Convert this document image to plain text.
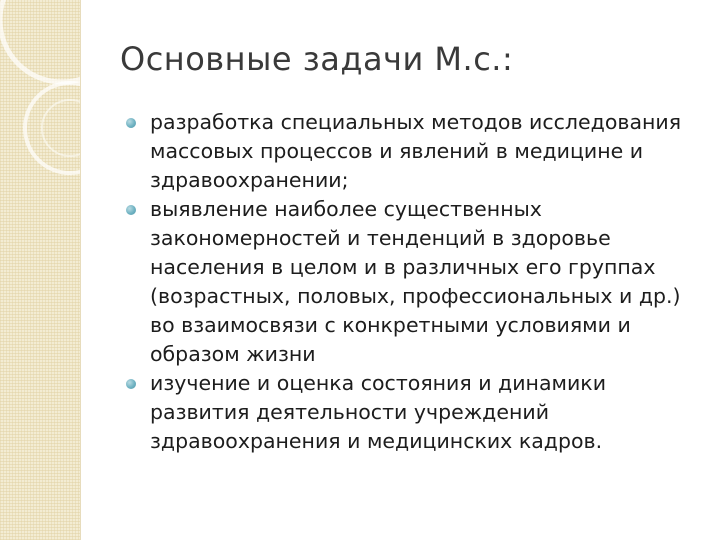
Основные задачи М.с.:
разработка специальных методов исследования массовых процессов и явлений в медицине и здравоохранении;
выявление наиболее существенных закономерностей и тенденций в здоровье населения в целом и в различных его группах (возрастных, половых, профессиональных и др.) во взаимосвязи с конкретными условиями и образом жизни
изучение и оценка состояния и динамики развития деятельности учреждений здравоохранения и медицинских кадров.
